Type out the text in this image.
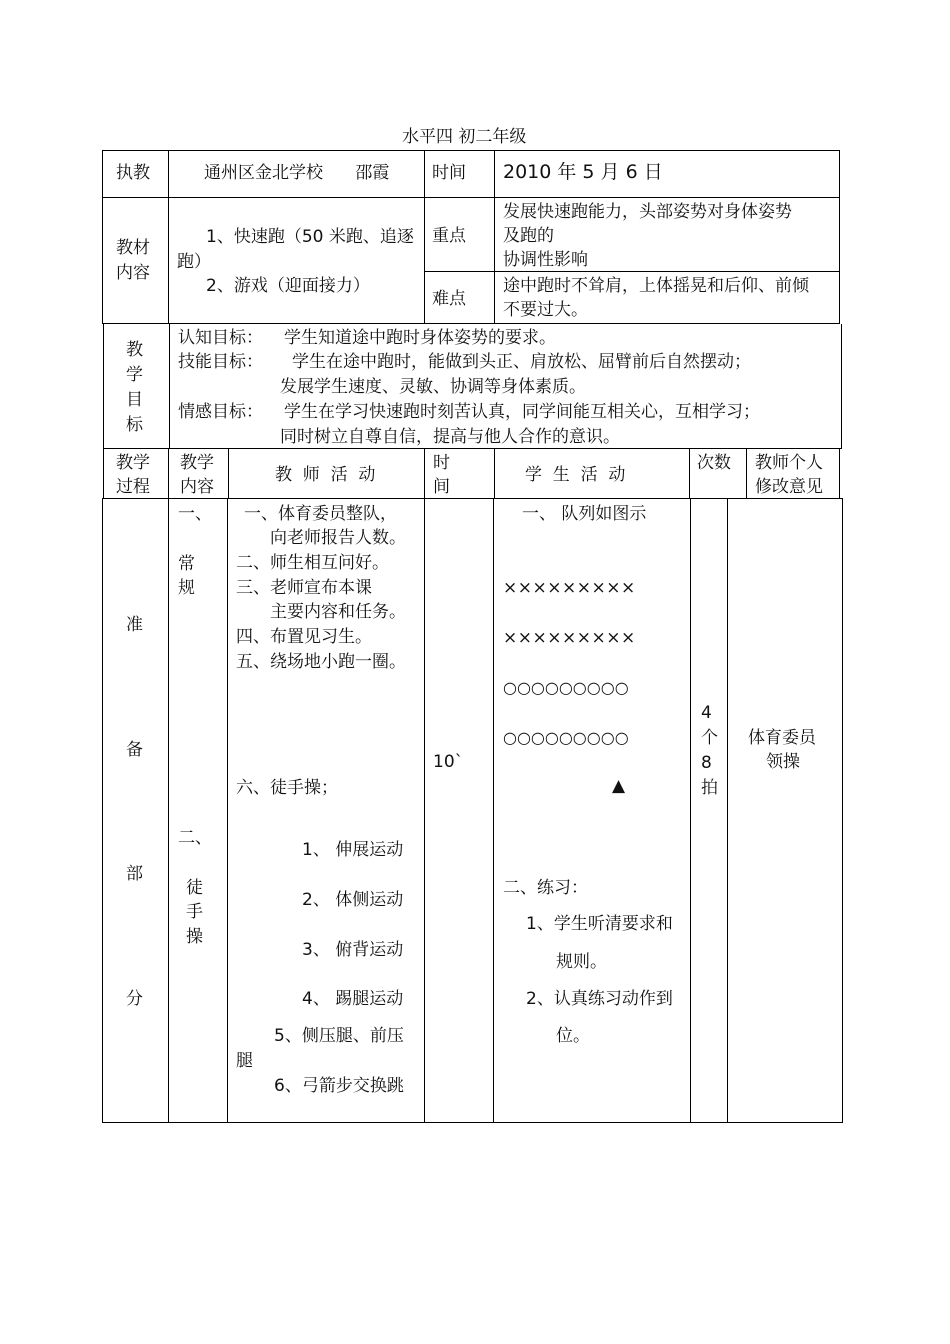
水平四 初二年级
执教	通州区金北学校      邵霞	时间 2010 年 5 月 6 日
教材
内容
1、快速跑（50 米跑、追逐
跑）
2、游戏（迎面接力）
重点
发展快速跑能力，头部姿势对身体姿势
及跑的
协调性影响
难点
途中跑时不耸肩，上体摇晃和后仰、前倾
不要过大。
教
学
目
标
认知目标： 学生知道途中跑时身体姿势的要求。
技能目标： 学生在途中跑时，能做到头正、肩放松、屈臂前后自然摆动；
发展学生速度、灵敏、协调等身体素质。
情感目标： 学生在学习快速跑时刻苦认真，同学间能互相关心，互相学习；
同时树立自尊自信，提高与他人合作的意识。
教学
过程
教学
内容
教  师  活  动
时
间
学  生  活  动
次数 教师个人
修改意见
准
备
部
分
一、
常
规
二、
徒
手
操
一、体育委员整队，
向老师报告人数。
二、师生相互问好。
三、老师宣布本课
主要内容和任务。
四、布置见习生。
五、绕场地小跑一圈。
六、徒手操；
1、 伸展运动
2、 体侧运动
3、 俯背运动
4、 踢腿运动
5、侧压腿、前压
腿
6、弓箭步交换跳
10`
一、 队列如图示
×××××××××
×××××××××
○○○○○○○○○
○○○○○○○○○
▲
二、练习：
1、学生听清要求和
规则。
2、认真练习动作到
位。
4
个
8
拍
体育委员
领操
